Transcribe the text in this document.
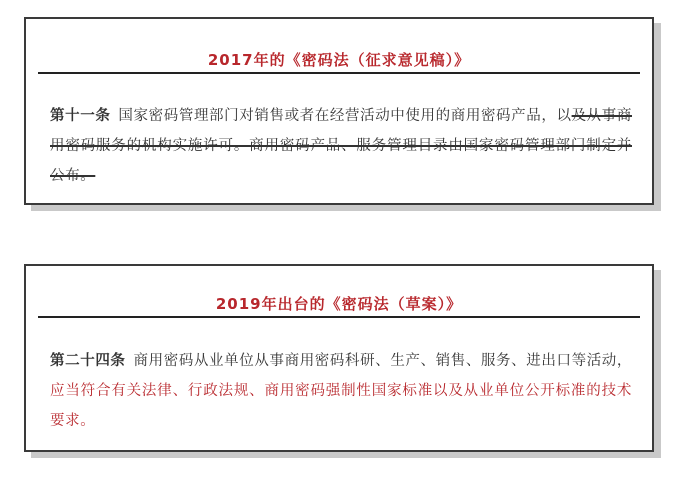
2017年的《密码法（征求意见稿）》
第十一条 国家密码管理部门对销售或者在经营活动中使用的商用密码产品，以及从事商用密码服务的机构实施许可。商用密码产品、服务管理目录由国家密码管理部门制定并公布。
2019年出台的《密码法（草案）》
第二十四条 商用密码从业单位从事商用密码科研、生产、销售、服务、进出口等活动，应当符合有关法律、行政法规、商用密码强制性国家标准以及从业单位公开标准的技术要求。
